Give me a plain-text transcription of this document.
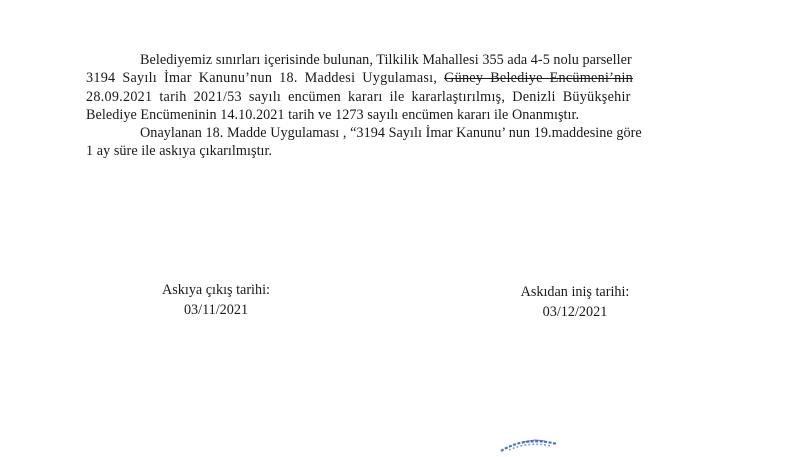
Belediyemiz sınırları içerisinde bulunan, Tilkilik Mahallesi 355 ada 4-5 nolu parseller
3194 Sayılı İmar Kanunu’nun 18. Maddesi Uygulaması, Güney Belediye Encümeni’nin
28.09.2021 tarih 2021/53 sayılı encümen kararı ile kararlaştırılmış, Denizli Büyükşehir
Belediye Encümeninin 14.10.2021 tarih ve 1273 sayılı encümen kararı ile Onanmıştır.
Onaylanan 18. Madde Uygulaması , “3194 Sayılı İmar Kanunu’ nun 19.maddesine göre
1 ay süre ile askıya çıkarılmıştır.
Askıya çıkış tarihi:
03/11/2021
Askıdan iniş tarihi:
03/12/2021
